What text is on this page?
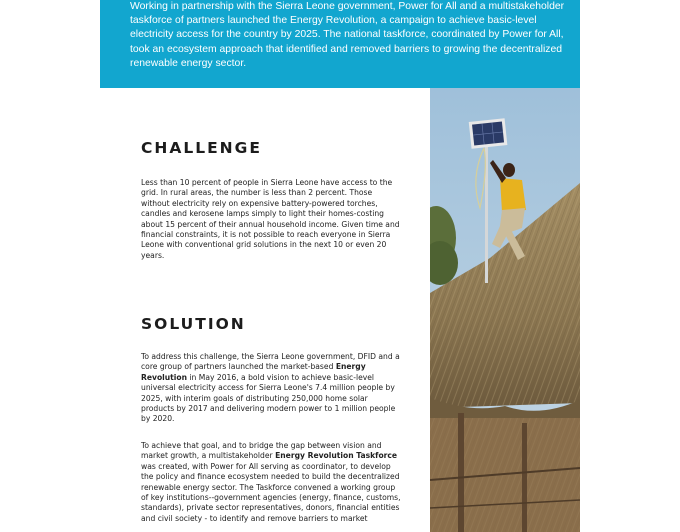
Working in partnership with the Sierra Leone government, Power for All and a multistakeholder taskforce of partners launched the Energy Revolution, a campaign to achieve basic-level electricity access for the country by 2025. The national taskforce, coordinated by Power for All, took an ecosystem approach that identified and removed barriers to growing the decentralized renewable energy sector.

CHALLENGE

Less than 10 percent of people in Sierra Leone have access to the grid. In rural areas, the number is less than 2 percent. Those without electricity rely on expensive battery-powered torches, candles and kerosene lamps simply to light their homes-costing about 15 percent of their annual household income. Given time and financial constraints, it is not possible to reach everyone in Sierra Leone with conventional grid solutions in the next 10 or even 20 years.

SOLUTION

To address this challenge, the Sierra Leone government, DFID and a core group of partners launched the market-based Energy Revolution in May 2016, a bold vision to achieve basic-level universal electricity access for Sierra Leone's 7.4 million people by 2025, with interim goals of distributing 250,000 home solar products by 2017 and delivering modern power to 1 million people by 2020.

To achieve that goal, and to bridge the gap between vision and market growth, a multistakeholder Energy Revolution Taskforce was created, with Power for All serving as coordinator, to develop the policy and finance ecosystem needed to build the decentralized renewable energy sector. The Taskforce convened a working group of key institutions--government agencies (energy, finance, customs, standards), private sector representatives, donors, financial entities and civil society - to identify and remove barriers to market
